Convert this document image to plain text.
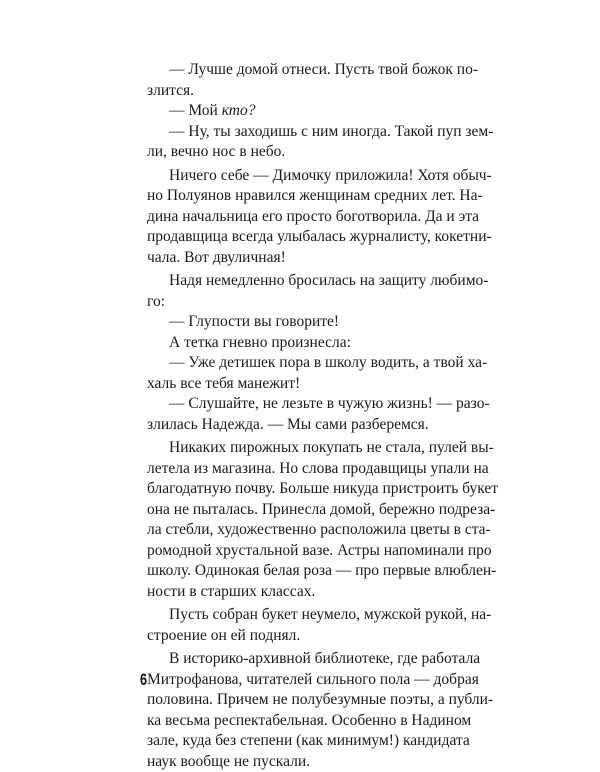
— Лучше домой отнеси. Пусть твой божок по-
злится.
— Мой кто?
— Ну, ты заходишь с ним иногда. Такой пуп зем-
ли, вечно нос в небо.
Ничего себе — Димочку приложила! Хотя обыч-
но Полуянов нравился женщинам средних лет. На-
дина начальница его просто боготворила. Да и эта
продавщица всегда улыбалась журналисту, кокетни-
чала. Вот двуличная!
Надя немедленно бросилась на защиту любимо-
го:
— Глупости вы говорите!
А тетка гневно произнесла:
— Уже детишек пора в школу водить, а твой ха-
халь все тебя манежит!
— Слушайте, не лезьте в чужую жизнь! — разо-
злилась Надежда. — Мы сами разберемся.
Никаких пирожных покупать не стала, пулей вы-
летела из магазина. Но слова продавщицы упали на
благодатную почву. Больше никуда пристроить букет
она не пыталась. Принесла домой, бережно подреза-
ла стебли, художественно расположила цветы в ста-
ромодной хрустальной вазе. Астры напоминали про
школу. Одинокая белая роза — про первые влюблен-
ности в старших классах.
Пусть собран букет неумело, мужской рукой, на-
строение он ей поднял.
В историко-архивной библиотеке, где работала
Митрофанова, читателей сильного пола — добрая
половина. Причем не полубезумные поэты, а публи-
ка весьма респектабельная. Особенно в Надином
зале, куда без степени (как минимум!) кандидата
наук вообще не пускали.
6
